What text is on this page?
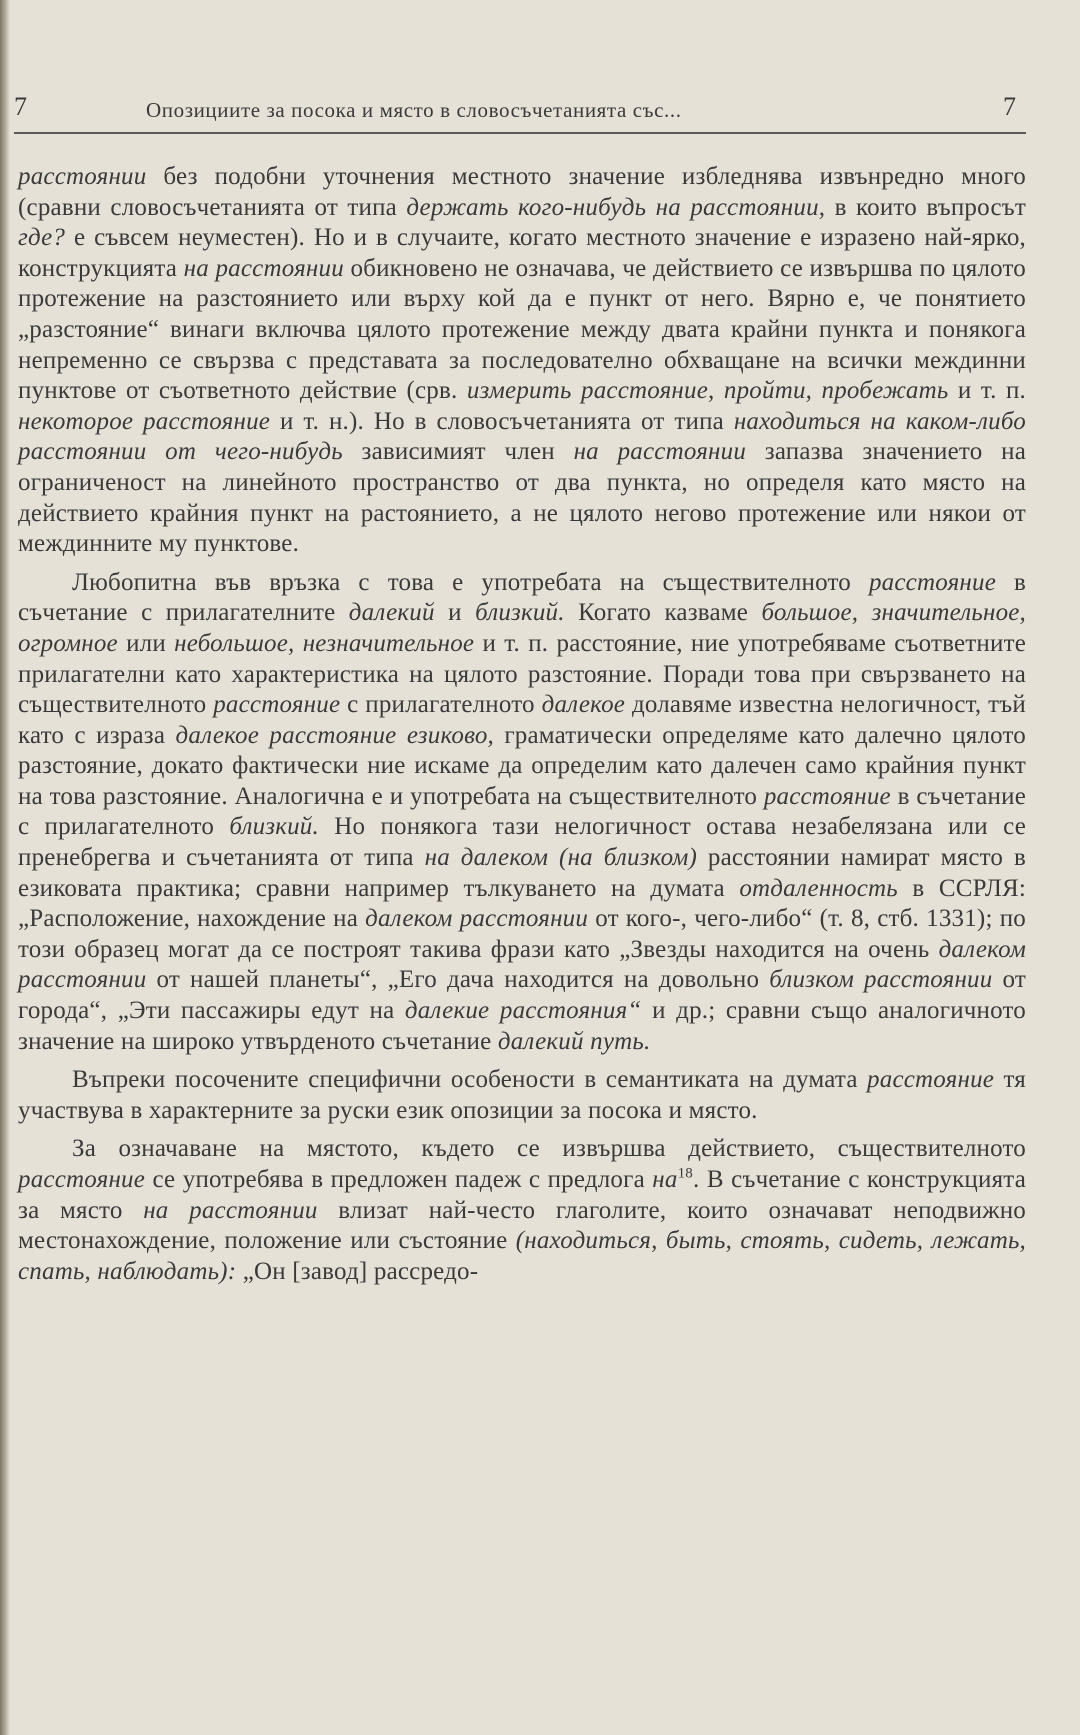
7	Опозициите за посока и място в словосъчетанията със...	7

расстоянии без подобни уточнения местното значение избледнява извънредно много (сравни словосъчетанията от типа держать кого-нибудь на расстоянии, в които въпросът где? е съвсем неуместен). Но и в случаите, когато местното значение е изразено най-ярко, конструкцията на расстоянии обикновено не означава, че действието се извършва по цялото протежение на разстоянието или върху кой да е пункт от него. Вярно е, че понятието „разстояние“ винаги включва цялото протежение между двата крайни пункта и понякога непременно се свързва с представата за последователно обхващане на всички междинни пунктове от съответното действие (срв. измерить расстояние, пройти, пробежать и т. п. некоторое расстояние и т. н.). Но в словосъчетанията от типа находиться на каком-либо расстоянии от чего-нибудь зависимият член на расстоянии запазва значението на ограниченост на линейното пространство от два пункта, но определя като място на действието крайния пункт на растоянието, а не цялото негово протежение или някои от междинните му пунктове.

Любопитна във връзка с това е употребата на съществителното расстояние в съчетание с прилагателните далекий и близкий. Когато казваме большое, значительное, огромное или небольшое, незначительное и т. п. расстояние, ние употребяваме съответните прилагателни като характеристика на цялото разстояние. Поради това при свързването на съществителното расстояние с прилагателното далекое долавяме известна нелогичност, тъй като с израза далекое расстояние езиково, граматически определяме като далечно цялото разстояние, докато фактически ние искаме да определим като далечен само крайния пункт на това разстояние. Аналогична е и употребата на съществителното расстояние в съчетание с прилагателното близкий. Но понякога тази нелогичност остава незабелязана или се пренебрегва и съчетанията от типа на далеком (на близком) расстоянии намират място в езиковата практика; сравни например тълкуването на думата отдаленность в ССРЛЯ: „Расположение, нахождение на далеком расстоянии от кого-, чего-либо“ (т. 8, стб. 1331); по този образец могат да се построят такива фрази като „Звезды находится на очень далеком расстоянии от нашей планеты“, „Его дача находится на довольно близком расстоянии от города“, „Эти пассажиры едут на далекие расстояния“ и др.; сравни също аналогичното значение на широко утвърденото съчетание далекий путь.

Въпреки посочените специфични особености в семантиката на думата расстояние тя участвува в характерните за руски език опозиции за посока и място.

За означаване на мястото, където се извършва действието, съществителното расстояние се употребява в предложен падеж с предлога $на^{18}$. В съчетание с конструкцията за място на расстоянии влизат най-често глаголите, които означават неподвижно местонахождение, положение или състояние (находиться, быть, стоять, сидеть, лежать, спать, наблюдать): „Он [завод] рассредо-
